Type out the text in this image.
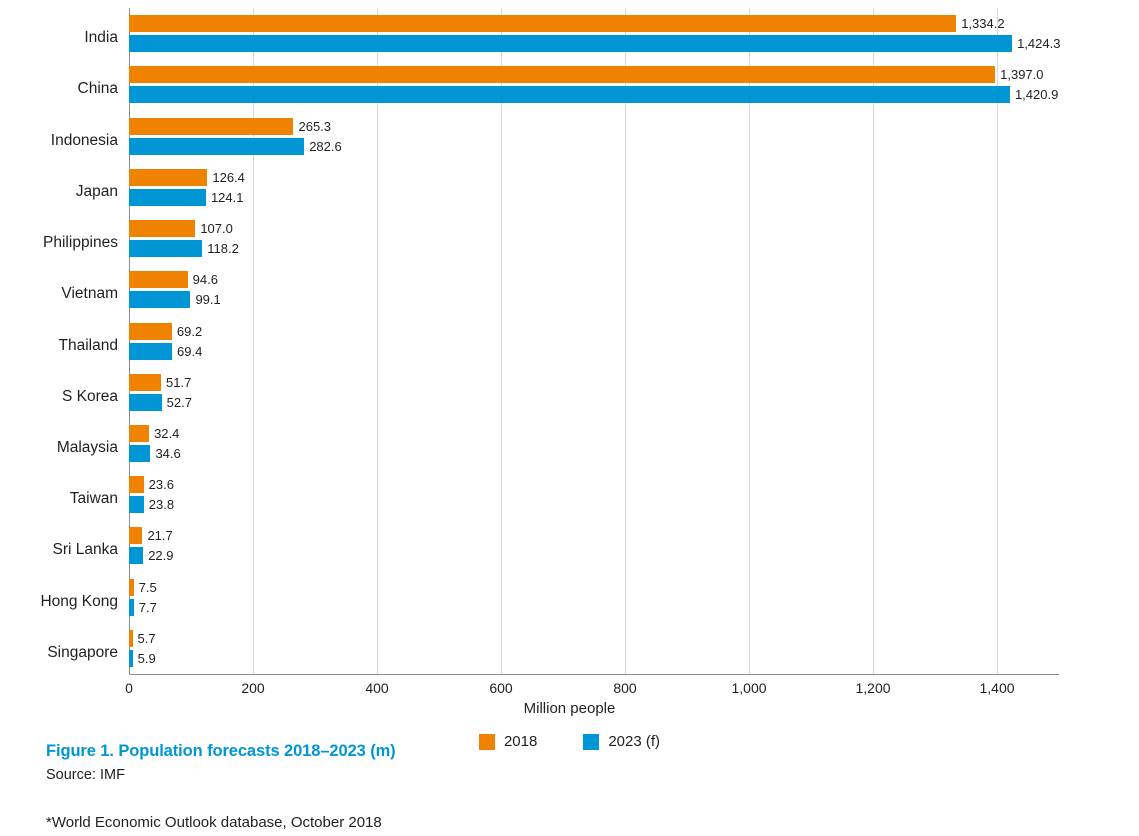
0	200	400	600	800	1,000	1,200	1,400
Million people
2018	2023 (f)
Figure 1. Population forecasts 2018–2023 (m)
Source: IMF
*World Economic Outlook database, October 2018
India
1,334.2
1,424.3
China
1,397.0
1,420.9
Indonesia
265.3
282.6
Japan
126.4
124.1
Philippines
107.0
118.2
Vietnam
94.6
99.1
Thailand
69.2
69.4
S Korea
51.7
52.7
Malaysia
32.4
34.6
Taiwan
23.6
23.8
Sri Lanka
21.7
22.9
Hong Kong
7.5
7.7
Singapore
5.7
5.9
